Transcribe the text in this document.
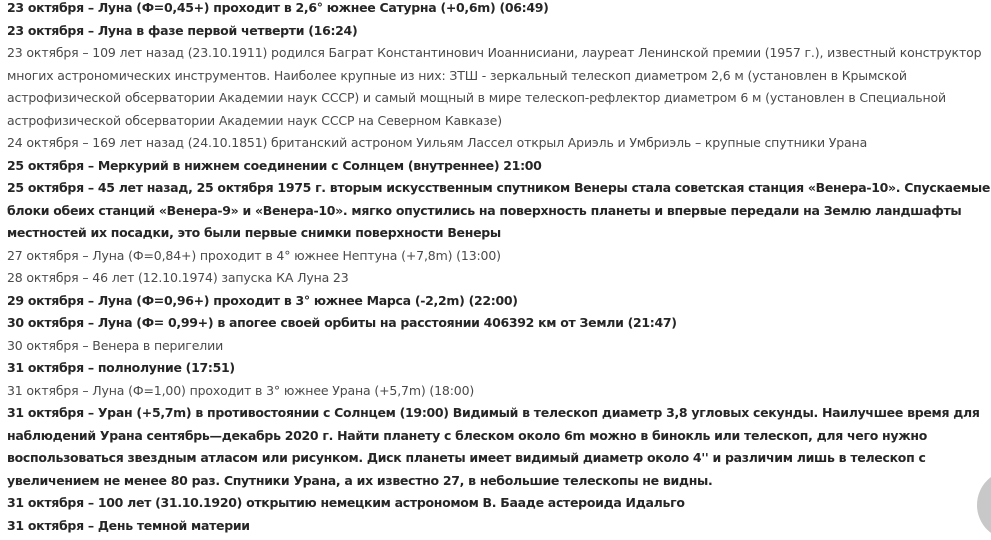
23 октября – Луна (Ф=0,45+) проходит в 2,6° южнее Сатурна (+0,6m) (06:49)

23 октября – Луна в фазе первой четверти (16:24)

23 октября – 109 лет назад (23.10.1911) родился Баграт Константинович Иоаннисиани, лауреат Ленинской премии (1957 г.), известный конструктор многих астрономических инструментов. Наиболее крупные из них: ЗТШ - зеркальный телескоп диаметром 2,6 м (установлен в Крымской астрофизической обсерватории Академии наук СССР) и самый мощный в мире телескоп-рефлектор диаметром 6 м (установлен в Специальной астрофизической обсерватории Академии наук СССР на Северном Кавказе)

24 октября – 169 лет назад (24.10.1851) британский астроном Уильям Лассел открыл Ариэль и Умбриэль – крупные спутники Урана

25 октября – Меркурий в нижнем соединении с Солнцем (внутреннее) 21:00

25 октября – 45 лет назад, 25 октября 1975 г. вторым искусственным спутником Венеры стала советская станция «Венера-10». Спускаемые блоки обеих станций «Венера-9» и «Венера-10». мягко опустились на поверхность планеты и впервые передали на Землю ландшафты местностей их посадки, это были первые снимки поверхности Венеры

27 октября – Луна (Ф=0,84+) проходит в 4° южнее Нептуна (+7,8m) (13:00)

28 октября – 46 лет (12.10.1974) запуска КА Луна 23

29 октября – Луна (Ф=0,96+) проходит в 3° южнее Марса (-2,2m) (22:00)

30 октября – Луна (Ф= 0,99+) в апогее своей орбиты на расстоянии 406392 км от Земли (21:47)

30 октября – Венера в перигелии

31 октября – полнолуние (17:51)

31 октября – Луна (Ф=1,00) проходит в 3° южнее Урана (+5,7m) (18:00)

31 октября – Уран (+5,7m) в противостоянии с Солнцем (19:00) Видимый в телескоп диаметр 3,8 угловых секунды. Наилучшее время для наблюдений Урана сентябрь—декабрь 2020 г. Найти планету с блеском около 6m можно в бинокль или телескоп, для чего нужно воспользоваться звездным атласом или рисунком. Диск планеты имеет видимый диаметр около 4'' и различим лишь в телескоп с увеличением не менее 80 раз. Спутники Урана, а их известно 27, в небольшие телескопы не видны.

31 октября – 100 лет (31.10.1920) открытию немецким астрономом В. Бааде астероида Идальго

31 октября – День темной материи
